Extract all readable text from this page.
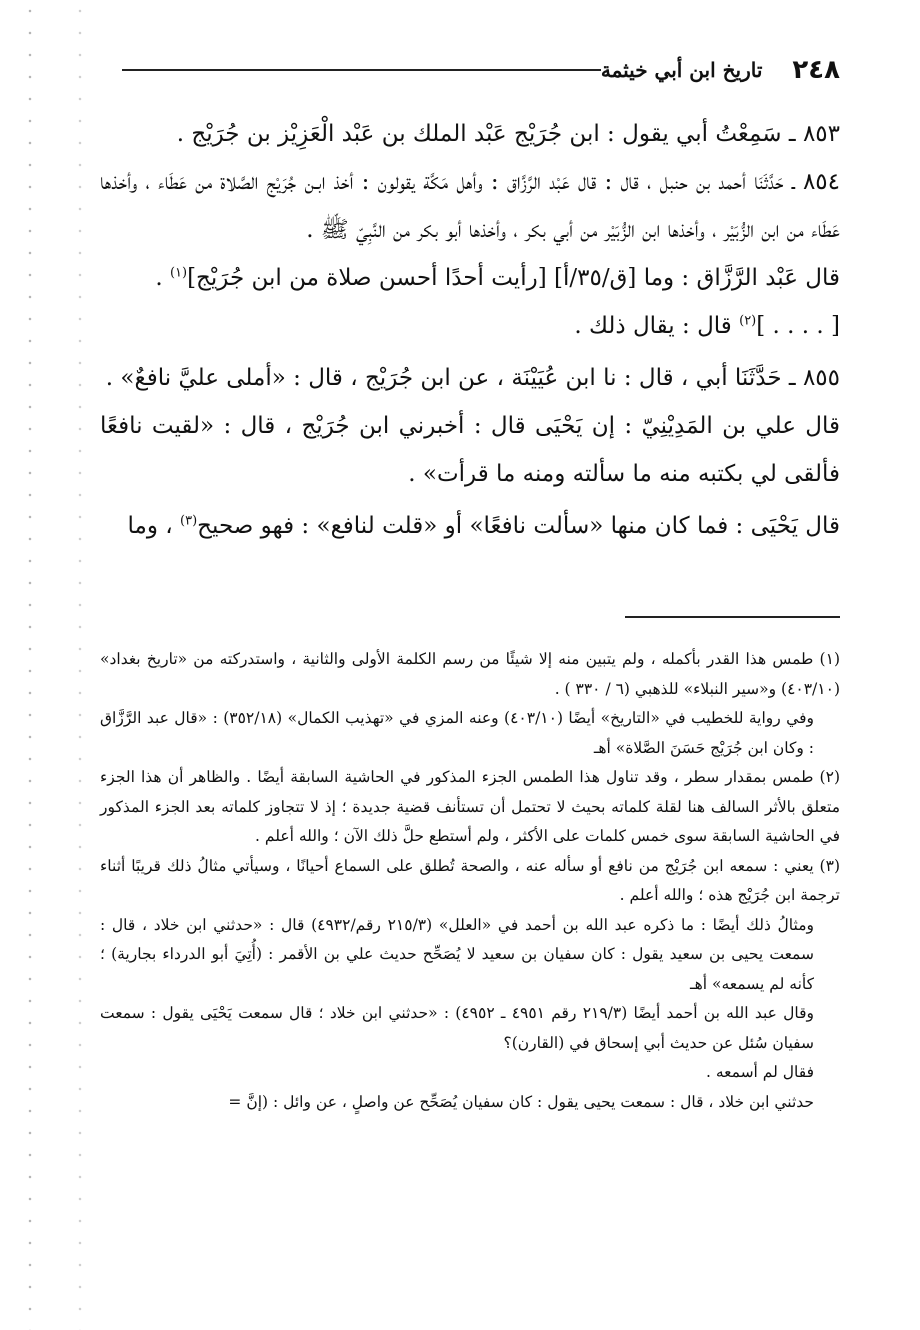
٢٤٨
تاريخ ابن أبي خيثمة

٨٥٣ ـ سَمِعْتُ أبي يقول : ابن جُرَيْج عَبْد الملك بن عَبْد الْعَزِيْز بن جُرَيْج .

٨٥٤ ـ حَدَّثَنَا أحمد بن حنبل ، قال : قال عَبْد الرَّزَّاق : وأهل مَكَّة يقولون : أخذ ابـن جُرَيْج الصَّلاة من عَطَاء ، وأخذها عَطَاء من ابن الزُّبَيْر ، وأخذها ابن الزُّبَيْر من أبي بكر ، وأخذها أبو بكر من النَّبِيّ ﷺ .

قال عَبْد الرَّزَّاق : وما [ق/٣٥/أ] [رأيت أحدًا أحسن صلاة من ابن جُرَيْج]$^{(١)}$ .

[ . . . . ]$^{(٢)}$ قال : يقال ذلك .

٨٥٥ ـ حَدَّثَنَا أبي ، قال : نا ابن عُيَيْنَة ، عن ابن جُرَيْج ، قال : «أملى عليَّ نافعٌ» .

قال علي بن المَدِيْنِيّ : إن يَحْيَى قال : أخبرني ابن جُرَيْج ، قال : «لقيت نافعًا فألقى لي بكتبه منه ما سألته ومنه ما قرأت» .

قال يَحْيَى : فما كان منها «سألت نافعًا» أو «قلت لنافع» : فهو صحيح$^{(٣)}$ ، وما

(١) طمس هذا القدر بأكمله ، ولم يتبين منه إلا شيئًا من رسم الكلمة الأولى والثانية ، واستدركته من «تاريخ بغداد» (٤٠٣/١٠) و«سير النبلاء» للذهبي (٦ / ٣٣٠ ) .

وفي رواية للخطيب في «التاريخ» أيضًا (٤٠٣/١٠) وعنه المزي في «تهذيب الكمال» (٣٥٢/١٨) : «قال عبد الرَّزَّاق : وكان ابن جُرَيْج حَسَنَ الصَّلاة» أهـ

(٢) طمس بمقدار سطر ، وقد تناول هذا الطمس الجزء المذكور في الحاشية السابقة أيضًا . والظاهر أن هذا الجزء متعلق بالأثر السالف هنا لقلة كلماته بحيث لا تحتمل أن تستأنف قضية جديدة ؛ إذ لا تتجاوز كلماته بعد الجزء المذكور في الحاشية السابقة سوى خمس كلمات على الأكثر ، ولم أستطع حلَّ ذلك الآن ؛ والله أعلم .

(٣) يعني : سمعه ابن جُرَيْج من نافع أو سأله عنه ، والصحة تُطلق على السماع أحيانًا ، وسيأتي مثالُ ذلك قريبًا أثناء ترجمة ابن جُرَيْج هذه ؛ والله أعلم .

ومثالُ ذلك أيضًا : ما ذكره عبد الله بن أحمد في «العلل» (٢١٥/٣ رقم/٤٩٣٢) قال : «حدثني ابن خلاد ، قال : سمعت يحيى بن سعيد يقول : كان سفيان بن سعيد لا يُصَحِّح حديث علي بن الأقمر : (أُتِيَ أبو الدرداء بجارية) ؛ كأنه لم يسمعه» أهـ

وقال عبد الله بن أحمد أيضًا (٢١٩/٣ رقم ٤٩٥١ ـ ٤٩٥٢) : «حدثني ابن خلاد ؛ قال سمعت يَحْيَى يقول : سمعت سفيان سُئل عن حديث أبي إسحاق في (القارن)؟

فقال لم أسمعه .

حدثني ابن خلاد ، قال : سمعت يحيى يقول : كان سفيان يُصَحِّح عن واصلٍ ، عن وائل : (إنَّ =
